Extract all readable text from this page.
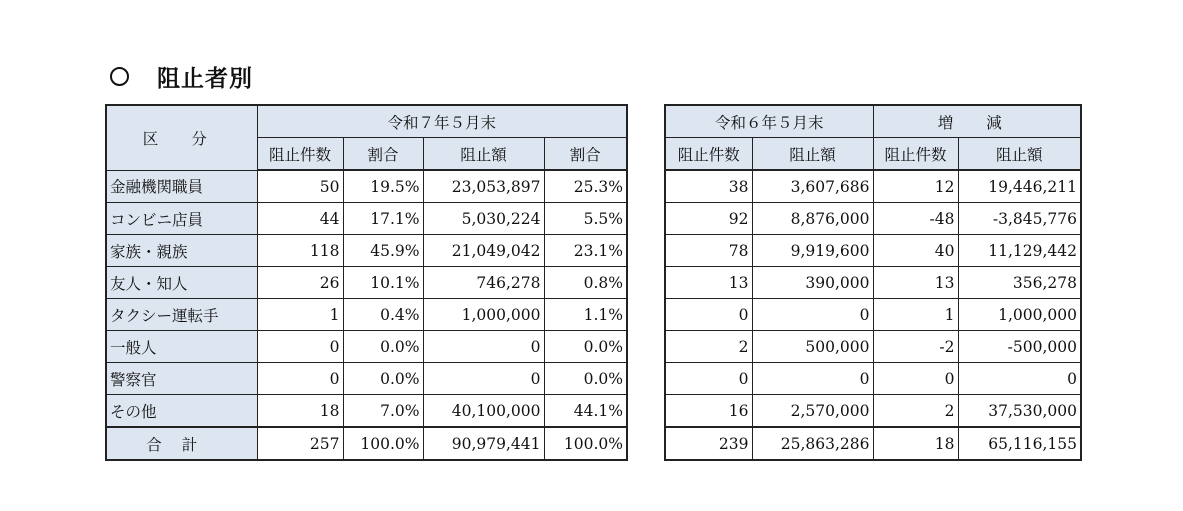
阻止者別
区 分	令和７年５月末			
	阻止件数	割合	阻止額	割合
金融機関職員	50	19.5%	23,053,897	25.3%
コンビニ店員	44	17.1%	5,030,224	5.5%
家族・親族	118	45.9%	21,049,042	23.1%
友人・知人	26	10.1%	746,278	0.8%
タクシー運転手	1	0.4%	1,000,000	1.1%
一般人	0	0.0%	0	0.0%
警察官	0	0.0%	0	0.0%
その他	18	7.0%	40,100,000	44.1%
合計	257	100.0%	90,979,441	100.0%
令和６年５月末		増 減	
阻止件数	阻止額	阻止件数	阻止額
38	3,607,686	12	19,446,211
92	8,876,000	-48	-3,845,776
78	9,919,600	40	11,129,442
13	390,000	13	356,278
0	0	1	1,000,000
2	500,000	-2	-500,000
0	0	0	0
16	2,570,000	2	37,530,000
239	25,863,286	18	65,116,155
